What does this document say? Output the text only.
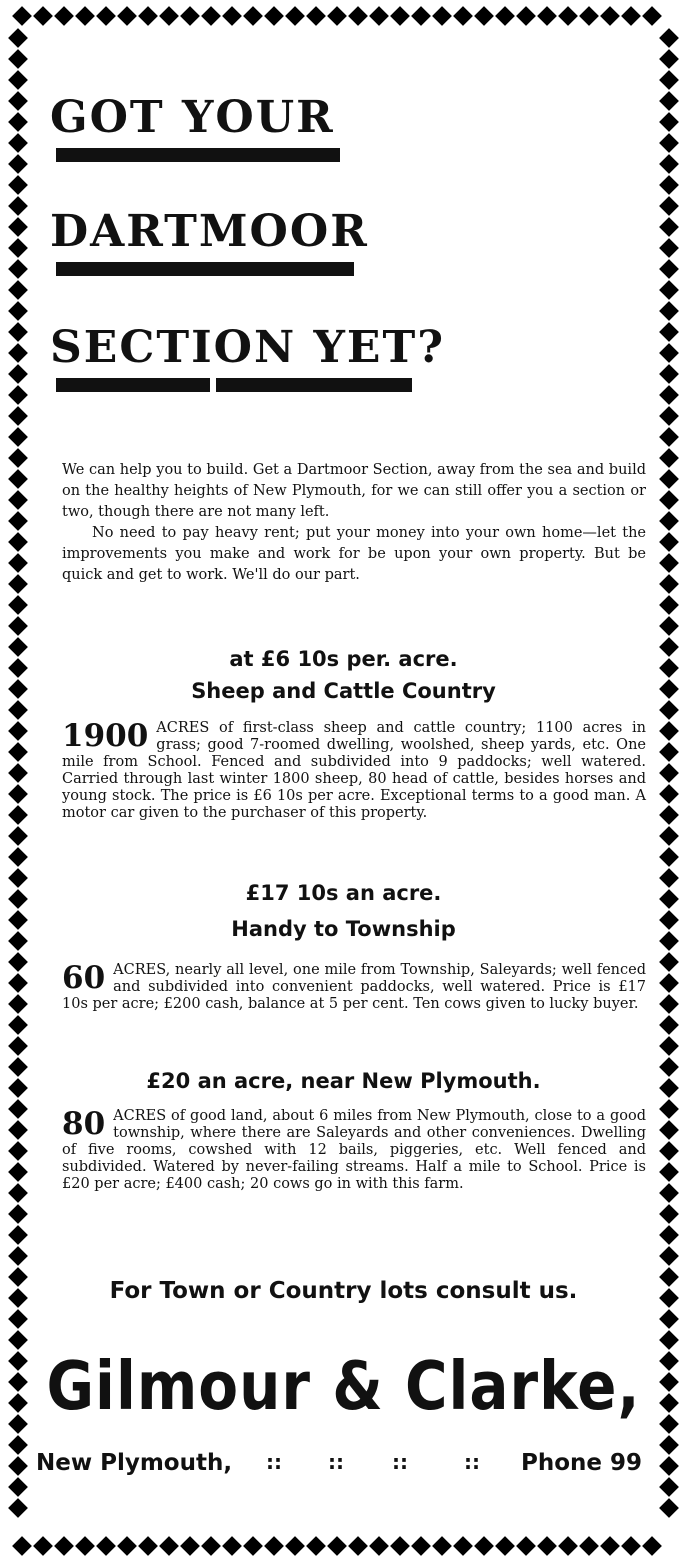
GOT YOUR
DARTMOOR
SECTION YET?

We can help you to build. Get a Dartmoor Section, away from the sea and build on the healthy heights of New Plymouth, for we can still offer you a section or two, though there are not many left.

No need to pay heavy rent; put your money into your own home—let the improvements you make and work for be upon your own property. But be quick and get to work. We'll do our part.

at £6 10s per. acre.
Sheep and Cattle Country
1900 ACRES of first-class sheep and cattle country; 1100 acres in grass; good 7-roomed dwelling, woolshed, sheep yards, etc. One mile from School. Fenced and subdivided into 9 paddocks; well watered. Carried through last winter 1800 sheep, 80 head of cattle, besides horses and young stock. The price is £6 10s per acre. Exceptional terms to a good man. A motor car given to the purchaser of this property.
£17 10s an acre.
Handy to Township
60 ACRES, nearly all level, one mile from Township, Saleyards; well fenced and subdivided into convenient paddocks, well watered. Price is £17 10s per acre; £200 cash, balance at 5 per cent. Ten cows given to lucky buyer.
£20 an acre, near New Plymouth.
80 ACRES of good land, about 6 miles from New Plymouth, close to a good township, where there are Saleyards and other conveniences. Dwelling of five rooms, cowshed with 12 bails, piggeries, etc. Well fenced and subdivided. Watered by never-failing streams. Half a mile to School. Price is £20 per acre; £400 cash; 20 cows go in with this farm.
For Town or Country lots consult us.
Gilmour & Clarke,
New Plymouth, :: :: ::	:: Phone 99
